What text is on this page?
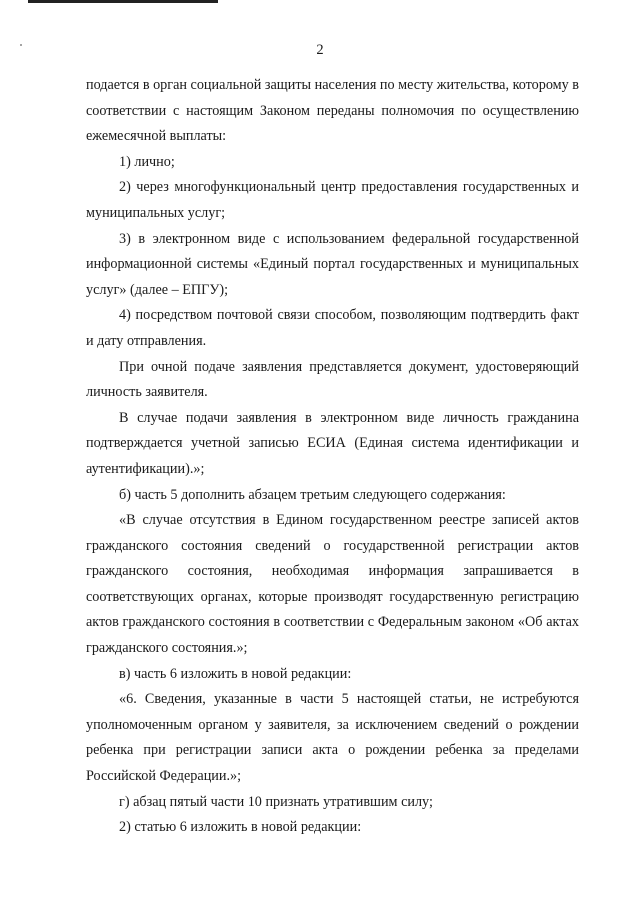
2

подается в орган социальной защиты населения по месту жительства, которому в соответствии с настоящим Законом переданы полномочия по осуществлению ежемесячной выплаты:

1) лично;

2) через многофункциональный центр предоставления государственных и муниципальных услуг;

3) в электронном виде с использованием федеральной государственной информационной системы «Единый портал государственных и муниципальных услуг» (далее – ЕПГУ);

4) посредством почтовой связи способом, позволяющим подтвердить факт и дату отправления.

При очной подаче заявления представляется документ, удостоверяющий личность заявителя.

В случае подачи заявления в электронном виде личность гражданина подтверждается учетной записью ЕСИА (Единая система идентификации и аутентификации).»;

б) часть 5 дополнить абзацем третьим следующего содержания:

«В случае отсутствия в Едином государственном реестре записей актов гражданского состояния сведений о государственной регистрации актов гражданского состояния, необходимая информация запрашивается в соответствующих органах, которые производят государственную регистрацию актов гражданского состояния в соответствии с Федеральным законом «Об актах гражданского состояния.»;

в) часть 6 изложить в новой редакции:

«6. Сведения, указанные в части 5 настоящей статьи, не истребуются уполномоченным органом у заявителя, за исключением сведений о рождении ребенка при регистрации записи акта о рождении ребенка за пределами Российской Федерации.»;

г) абзац пятый части 10 признать утратившим силу;

2) статью 6 изложить в новой редакции:
